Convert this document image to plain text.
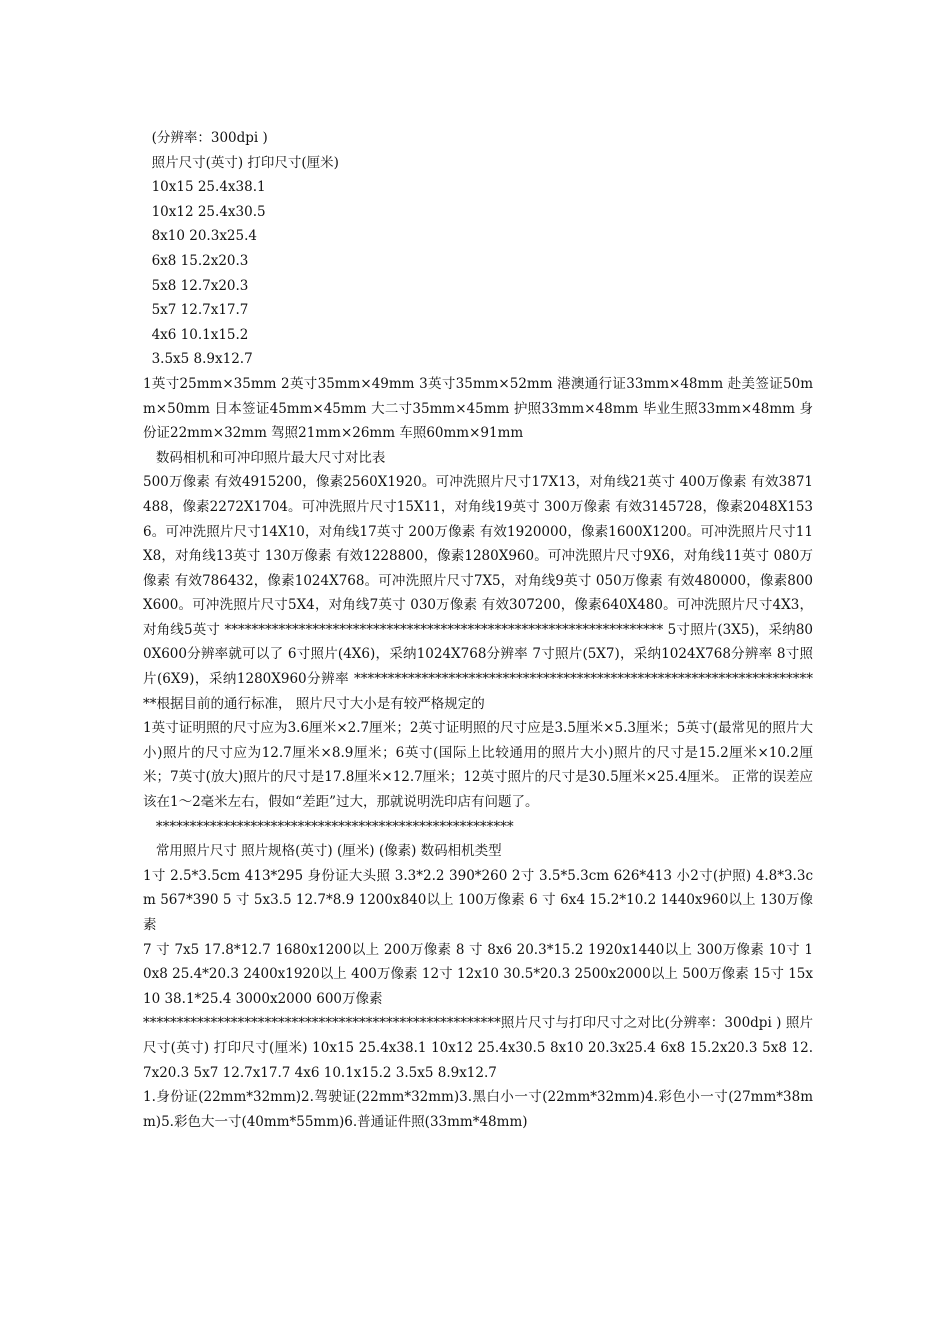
(分辨率：300dpi )
照片尺寸(英寸) 打印尺寸(厘米)
10x15 25.4x38.1
10x12 25.4x30.5
8x10 20.3x25.4
6x8 15.2x20.3
5x8 12.7x20.3
5x7 12.7x17.7
4x6 10.1x15.2
3.5x5 8.9x12.7

1英寸25mm×35mm 2英寸35mm×49mm 3英寸35mm×52mm 港澳通行证33mm×48mm 赴美签证50mm×50mm 日本签证45mm×45mm 大二寸35mm×45mm 护照33mm×48mm 毕业生照33mm×48mm 身份证22mm×32mm 驾照21mm×26mm 车照60mm×91mm

数码相机和可冲印照片最大尺寸对比表

500万像素 有效4915200，像素2560X1920。可冲洗照片尺寸17X13，对角线21英寸 400万像素 有效3871488，像素2272X1704。可冲洗照片尺寸15X11，对角线19英寸 300万像素 有效3145728，像素2048X1536。可冲洗照片尺寸14X10，对角线17英寸 200万像素 有效1920000，像素1600X1200。可冲洗照片尺寸11X8，对角线13英寸 130万像素 有效1228800，像素1280X960。可冲洗照片尺寸9X6，对角线11英寸 080万像素 有效786432，像素1024X768。可冲洗照片尺寸7X5，对角线9英寸 050万像素 有效480000，像素800X600。可冲洗照片尺寸5X4，对角线7英寸 030万像素 有效307200，像素640X480。可冲洗照片尺寸4X3，对角线5英寸 ***************************************************************** 5寸照片(3X5)，采纳800X600分辨率就可以了 6寸照片(4X6)，采纳1024X768分辨率 7寸照片(5X7)，采纳1024X768分辨率 8寸照片(6X9)，采纳1280X960分辨率 **********************************************************************根据目前的通行标准， 照片尺寸大小是有较严格规定的

1英寸证明照的尺寸应为3.6厘米×2.7厘米；2英寸证明照的尺寸应是3.5厘米×5.3厘米；5英寸(最常见的照片大小)照片的尺寸应为12.7厘米×8.9厘米；6英寸(国际上比较通用的照片大小)照片的尺寸是15.2厘米×10.2厘米；7英寸(放大)照片的尺寸是17.8厘米×12.7厘米；12英寸照片的尺寸是30.5厘米×25.4厘米。 正常的误差应该在1～2毫米左右，假如“差距”过大，那就说明洗印店有问题了。

*****************************************************
常用照片尺寸 照片规格(英寸) (厘米) (像素) 数码相机类型

1寸 2.5*3.5cm 413*295 身份证大头照 3.3*2.2 390*260 2寸 3.5*5.3cm 626*413 小2寸(护照) 4.8*3.3cm 567*390 5 寸 5x3.5 12.7*8.9 1200x840以上 100万像素 6 寸 6x4 15.2*10.2 1440x960以上 130万像素

7 寸 7x5 17.8*12.7 1680x1200以上 200万像素 8 寸 8x6 20.3*15.2 1920x1440以上 300万像素 10寸 10x8 25.4*20.3 2400x1920以上 400万像素 12寸 12x10 30.5*20.3 2500x2000以上 500万像素 15寸 15x10 38.1*25.4 3000x2000 600万像素

*****************************************************照片尺寸与打印尺寸之对比(分辨率：300dpi ) 照片尺寸(英寸) 打印尺寸(厘米) 10x15 25.4x38.1 10x12 25.4x30.5 8x10 20.3x25.4 6x8 15.2x20.3 5x8 12.7x20.3 5x7 12.7x17.7 4x6 10.1x15.2 3.5x5 8.9x12.7

1.身份证(22mm*32mm)2.驾驶证(22mm*32mm)3.黑白小一寸(22mm*32mm)4.彩色小一寸(27mm*38mm)5.彩色大一寸(40mm*55mm)6.普通证件照(33mm*48mm)
